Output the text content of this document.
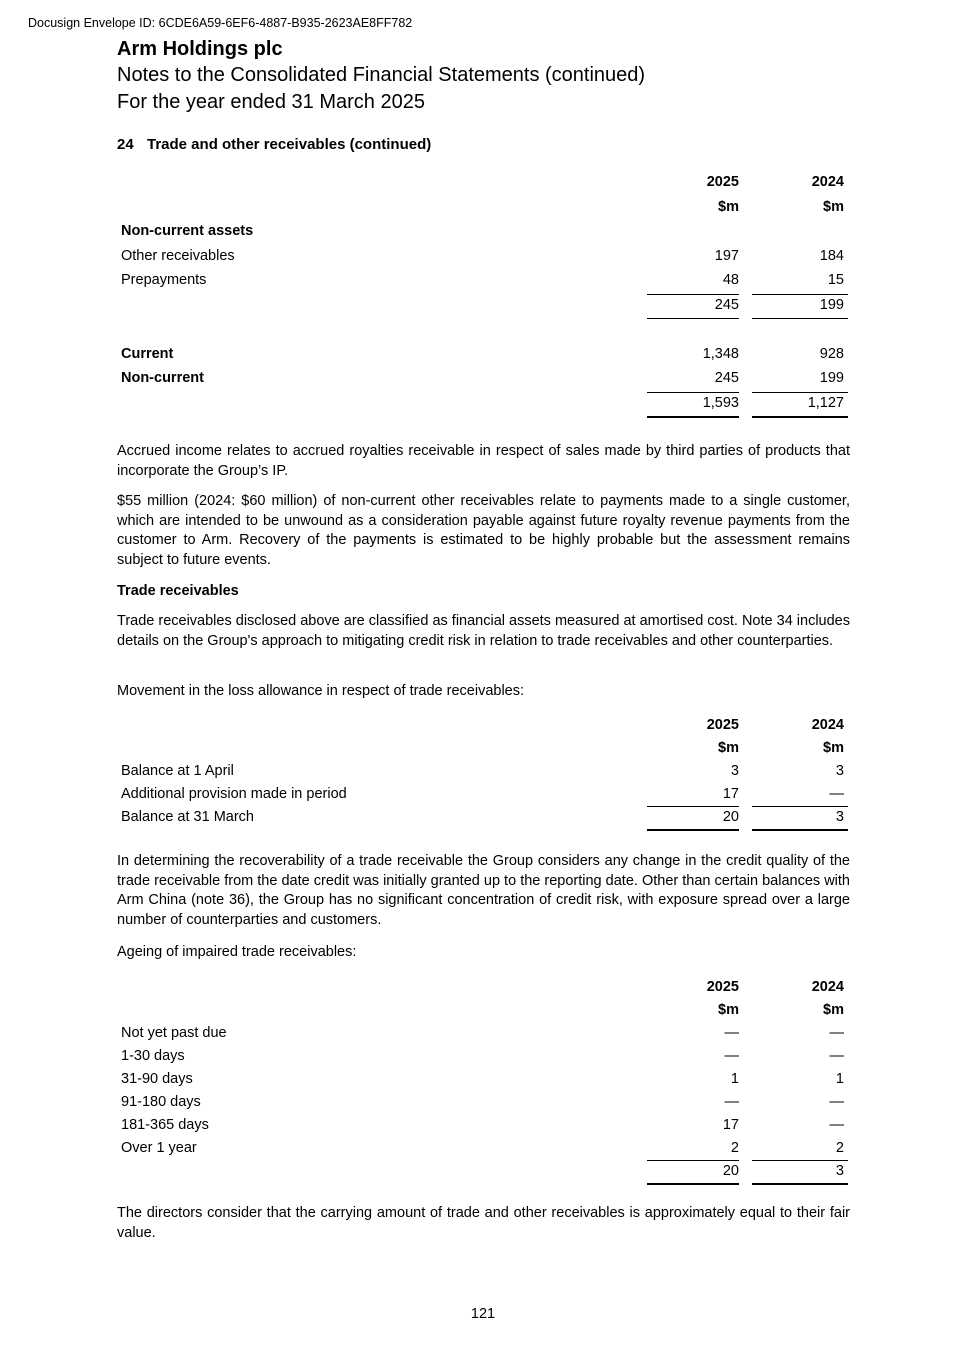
Docusign Envelope ID: 6CDE6A59-6EF6-4887-B935-2623AE8FF782
Arm Holdings plc
Notes to the Consolidated Financial Statements (continued)
For the year ended 31 March 2025
24 Trade and other receivables (continued)
2025	2024
$m	$m
Non-current assets
Other receivables	197	184
Prepayments	48	15
245	199
Current	1,348	928
Non-current	245	199
1,593	1,127

Accrued income relates to accrued royalties receivable in respect of sales made by third parties of products that incorporate the Group’s IP.

$55 million (2024: $60 million) of non-current other receivables relate to payments made to a single customer, which are intended to be unwound as a consideration payable against future royalty revenue payments from the customer to Arm. Recovery of the payments is estimated to be highly probable but the assessment remains subject to future events.

Trade receivables

Trade receivables disclosed above are classified as financial assets measured at amortised cost. Note 34 includes details on the Group's approach to mitigating credit risk in relation to trade receivables and other counterparties.

Movement in the loss allowance in respect of trade receivables:

2025	2024
$m	$m
Balance at 1 April	3	3
Additional provision made in period	17	—
Balance at 31 March	20	3

In determining the recoverability of a trade receivable the Group considers any change in the credit quality of the trade receivable from the date credit was initially granted up to the reporting date. Other than certain balances with Arm China (note 36), the Group has no significant concentration of credit risk, with exposure spread over a large number of counterparties and customers.

Ageing of impaired trade receivables:

2025	2024
$m	$m
Not yet past due	—	—
1-30 days	—	—
31-90 days	1	1
91-180 days	—	—
181-365 days	17	—
Over 1 year	2	2
20	3

The directors consider that the carrying amount of trade and other receivables is approximately equal to their fair value.

121
